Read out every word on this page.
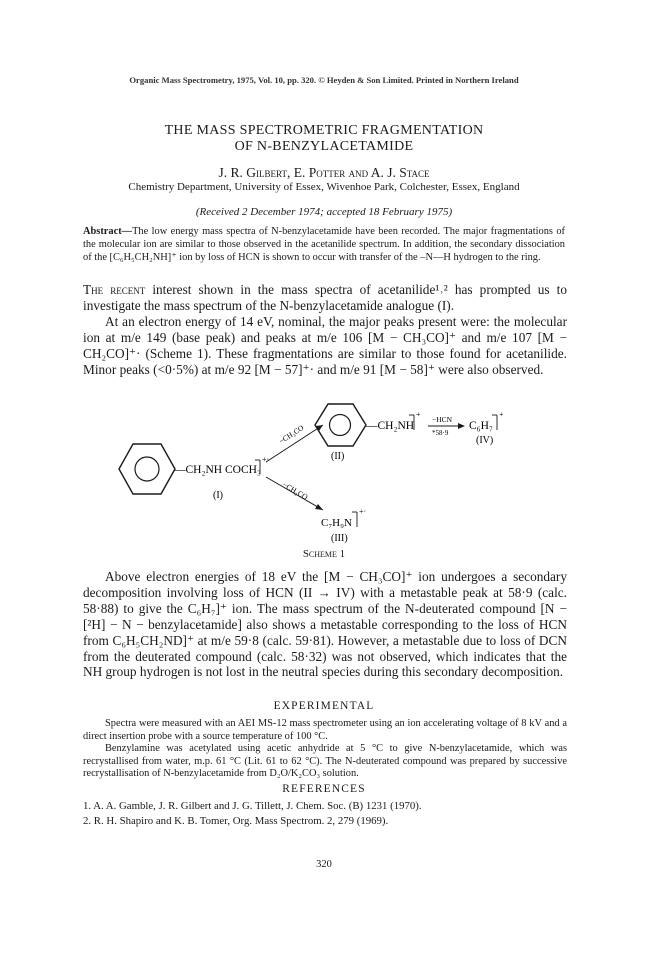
Organic Mass Spectrometry, 1975, Vol. 10, pp. 320. © Heyden & Son Limited. Printed in Northern Ireland
THE MASS SPECTROMETRIC FRAGMENTATION
OF N-BENZYLACETAMIDE
J. R. Gilbert, E. Potter and A. J. Stace
Chemistry Department, University of Essex, Wivenhoe Park, Colchester, Essex, England
(Received 2 December 1974; accepted 18 February 1975)
Abstract—The low energy mass spectra of N-benzylacetamide have been recorded. The major fragmentations of the molecular ion are similar to those observed in the acetanilide spectrum. In addition, the secondary dissociation of the [C₆H₅CH₂NH]⁺ ion by loss of HCN is shown to occur with transfer of the –N—H hydrogen to the ring.
The recent interest shown in the mass spectra of acetanilide¹˒² has prompted us to investigate the mass spectrum of the N-benzylacetamide analogue (I).
At an electron energy of 14 eV, nominal, the major peaks present were: the molecular ion at m/e 149 (base peak) and peaks at m/e 106 [M − CH₃CO]⁺ and m/e 107 [M − CH₂CO]⁺· (Scheme 1). These fragmentations are similar to those found for acetanilide. Minor peaks (<0·5%) at m/e 92 [M − 57]⁺· and m/e 91 [M − 58]⁺ were also observed.
—CH₂NH COCH₃
+·
(I)
−CH₃CO
−CH₂CO
—CH₂NH
+
(II)
−HCN
*58·9
C₆H₇
+
(IV)
C₇H₉N
+·
(III)
Scheme 1
Above electron energies of 18 eV the [M − CH₃CO]⁺ ion undergoes a secondary decomposition involving loss of HCN (II → IV) with a metastable peak at 58·9 (calc. 58·88) to give the C₆H₇]⁺ ion. The mass spectrum of the N-deuterated compound [N − [²H] − N − benzylacetamide] also shows a metastable corresponding to the loss of HCN from C₆H₅CH₂ND]⁺ at m/e 59·8 (calc. 59·81). However, a metastable due to loss of DCN from the deuterated compound (calc. 58·32) was not observed, which indicates that the NH group hydrogen is not lost in the neutral species during this secondary decomposition.
EXPERIMENTAL
Spectra were measured with an AEI MS-12 mass spectrometer using an ion accelerating voltage of 8 kV and a direct insertion probe with a source temperature of 100 °C.
Benzylamine was acetylated using acetic anhydride at 5 °C to give N-benzylacetamide, which was recrystallised from water, m.p. 61 °C (Lit. 61 to 62 °C). The N-deuterated compound was prepared by successive recrystallisation of N-benzylacetamide from D₂O/K₂CO₃ solution.
REFERENCES
1. A. A. Gamble, J. R. Gilbert and J. G. Tillett, J. Chem. Soc. (B) 1231 (1970).
2. R. H. Shapiro and K. B. Tomer, Org. Mass Spectrom. 2, 279 (1969).
320
